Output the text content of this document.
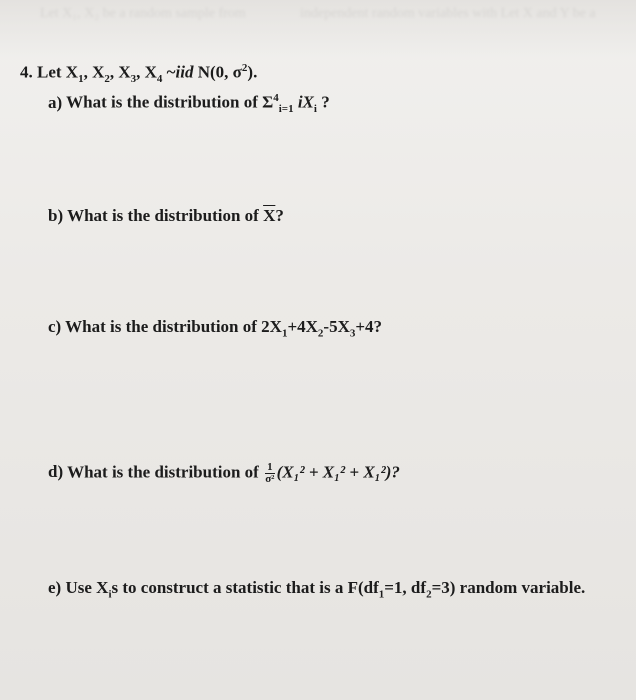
Let X₁, X₂ be a random sample from	independent random variables with Let X and Y be a
4. Let $X_1$, $X_2$, $X_3$, $X_4$ ~iid N(0, $\sigma^2$).
a) What is the distribution of $\Sigma^4_{i=1}$ $iX_i$ ?
b) What is the distribution of $\overline{X}$?
c) What is the distribution of $2X_1+4X_2-5X_3+4$?
d) What is the distribution of $\frac{1}{\text{σ²}} (X_1^2 + X_1^2 + X_1^2)$?
e) Use $X_is$ to construct a statistic that is a $F(df_1=1$, $df_2=3$) random variable.
